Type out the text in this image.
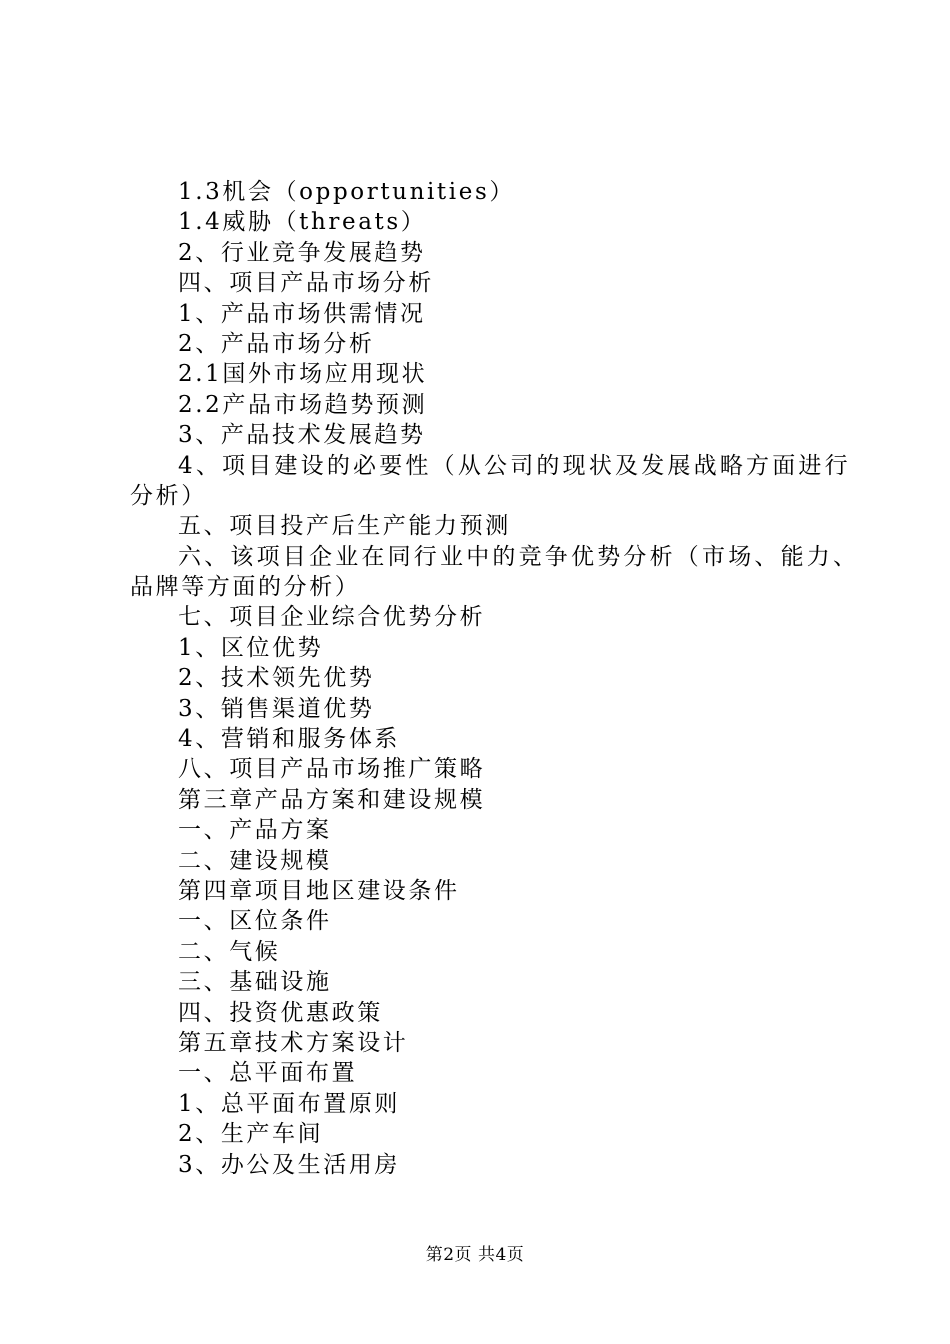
1.3机会（opportunities）
1.4威胁（threats）
2、行业竞争发展趋势
四、项目产品市场分析
1、产品市场供需情况
2、产品市场分析
2.1国外市场应用现状
2.2产品市场趋势预测
3、产品技术发展趋势
4、项目建设的必要性（从公司的现状及发展战略方面进行
分析）
五、项目投产后生产能力预测
六、该项目企业在同行业中的竞争优势分析（市场、能力、
品牌等方面的分析）
七、项目企业综合优势分析
1、区位优势
2、技术领先优势
3、销售渠道优势
4、营销和服务体系
八、项目产品市场推广策略
第三章产品方案和建设规模
一、产品方案
二、建设规模
第四章项目地区建设条件
一、区位条件
二、气候
三、基础设施
四、投资优惠政策
第五章技术方案设计
一、总平面布置
1、总平面布置原则
2、生产车间
3、办公及生活用房
第2页 共4页
